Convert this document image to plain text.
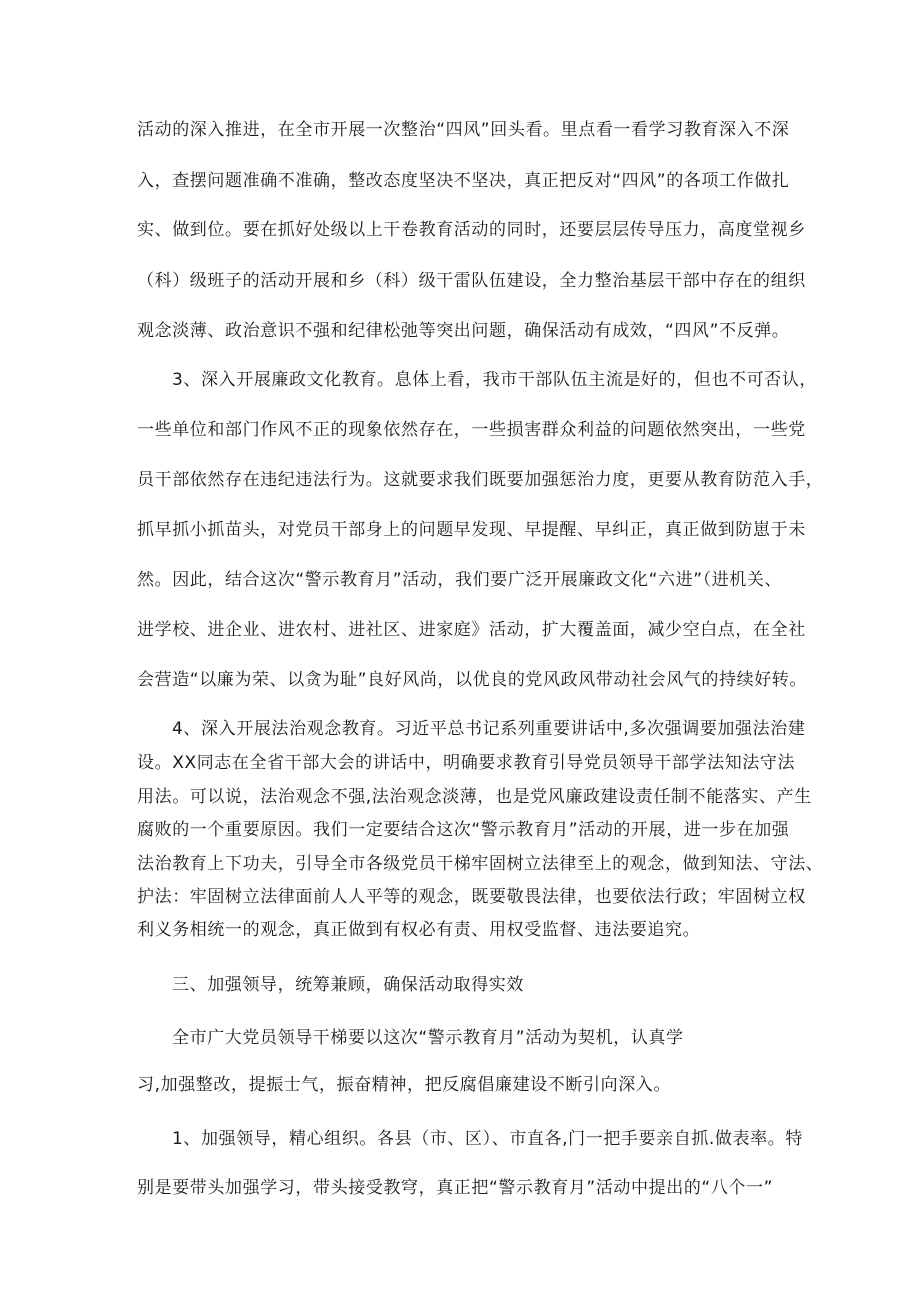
活动的深入推进，在全市开展一次整治“四风”回头看。里点看一看学习教育深入不深
入，查摆问题准确不准确，整改态度坚决不坚决，真正把反对“四风”的各项工作做扎
实、做到位。要在抓好处级以上干卷教育活动的同时，还要层层传导压力，高度堂视乡
（科）级班子的活动开展和乡（科）级干雷队伍建设，全力整治基层干部中存在的组织
观念淡薄、政治意识不强和纪律松弛等突出问题，确保活动有成效，“四风”不反弹。
3、深入开展廉政文化教育。息体上看，我市干部队伍主流是好的，但也不可否认，
一些单位和部门作风不正的现象依然存在，一些损害群众利益的问题依然突出，一些党
员干部依然存在违纪违法行为。这就要求我们既要加强惩治力度，更要从教育防范入手，
抓早抓小抓苗头，对党员干部身上的问题早发现、早提醒、早纠正，真正做到防崽于未
然。因此，结合这次“警示教育月”活动，我们要广泛开展廉政文化“六进”（进机关、
进学校、进企业、进农村、进社区、进家庭》活动，扩大覆盖面，减少空白点，在全社
会营造“以廉为荣、以贪为耻”良好风尚，以优良的党风政风带动社会风气的持续好转。
4、深入开展法治观念教育。习近平总书记系列重要讲话中,多次强调要加强法治建
设。XX同志在全省干部大会的讲话中，明确要求教育引导党员领导干部学法知法守法
用法。可以说，法治观念不强,法治观念淡薄，也是党风廉政建设责任制不能落实、产生
腐败的一个重要原因。我们一定要结合这次“警示教育月”活动的开展，进一步在加强
法治教育上下功夫，引导全市各级党员干梯牢固树立法律至上的观念，做到知法、守法、
护法：牢固树立法律面前人人平等的观念，既要敬畏法律，也要依法行政；牢固树立权
利义务相统一的观念，真正做到有权必有责、用权受监督、违法要追究。
三、加强领导，统筹兼顾，确保活动取得实效
全市广大党员领导干梯要以这次“警示教育月”活动为契机，认真学
习,加强整改，提振士气，振奋精神，把反腐倡廉建设不断引向深入。
1、加强领导，精心组织。各县（市、区）、市直各,门一把手要亲自抓.做表率。特
别是要带头加强学习，带头接受教穹，真正把“警示教育月”活动中提出的“八个一”
